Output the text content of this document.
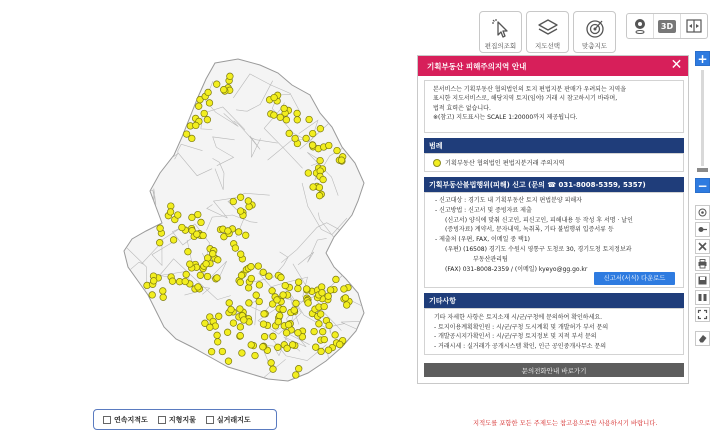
편집의조회	지도선택	맞춤지도
3D
+
−
기획부동산 피해주의지역 안내	✕
본서비스는 기획부동산 협의법인의 토지 편법지분 판매가 우려되는 지역을
표시한 지도서비스로, 해당지역 토지(임야) 거래 시 참고하시기 바라며,
법적 효력은 없습니다.
※(참고) 지도표시는 SCALE 1:20000까지 제공됩니다.
범례
기획부동산 협의법인 편법지분거래 주의지역
기획부동산불법행위(피해) 신고 (문의 ☎ 031-8008-5359, 5357)
- 신고대상 : 경기도 내 기획부동산 토지 편법분양 피해자
- 신고방법 : 신고서 및 증빙자료 제출
(신고서) 양식에 맞춰 신고인, 피신고인, 피해내용 등 작성 후 서명 · 날인
(증빙자료) 계약서, 문자내역, 녹취록, 기타 불법행위 입증서류 등
- 제출처 (우편, FAX, 이메일 중 택1)
(우편) (16508) 경기도 수원시 영통구 도청로 30, 경기도청 토지정보과
부동산관리팀
(FAX) 031-8008-2359 / (이메일) kyeyo@gg.go.kr
신고서(서식) 다운로드
기타사항
기타 자세한 사항은 토지소재 시/군/구청에 문의하여 확인하세요.
- 토지이용계획확인원 : 시/군/구청 도시계획 및 개발허가 부서 문의
- 개발공시지가확인서 : 시/군/구청 토지정보 및 지적 부서 문의
- 거래시세 : 실거래가 공개시스템 확인, 인근 공인중개사무소 문의
문의전화안내 바로가기
연속지적도	지형지물	실거래지도	지적도를 포함한 모든 주제도는 참고용으로만 사용하시기 바랍니다.
